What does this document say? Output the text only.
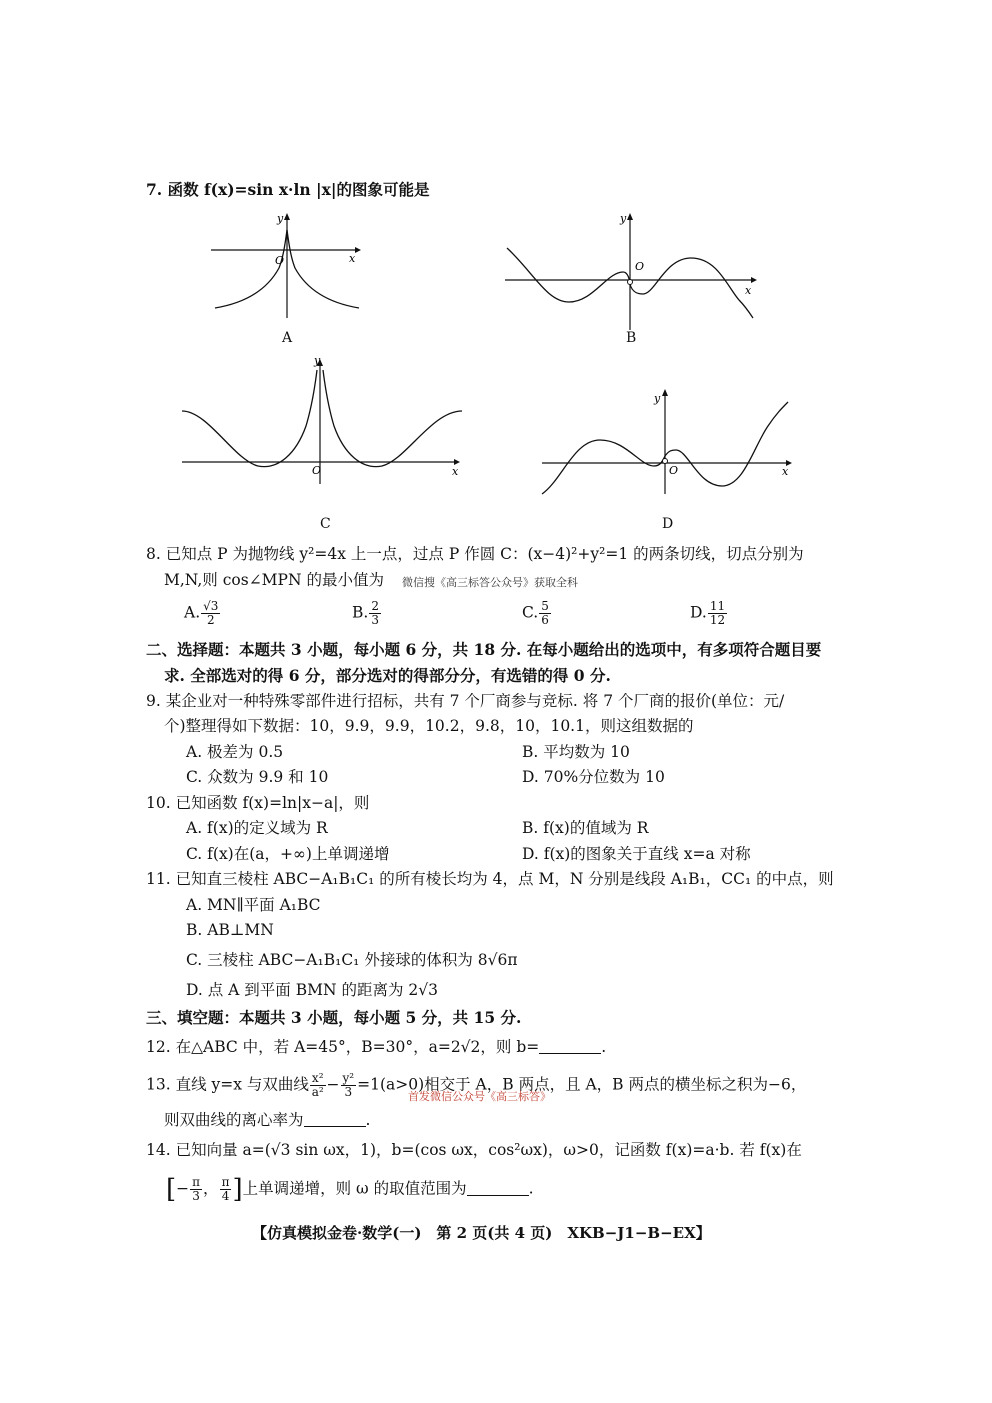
7. 函数 f(x)=sin x·ln |x|的图象可能是
x
y
O
A
x
y
O
B
x
y
O
C
x
y
O
D
8. 已知点 P 为抛物线 y²=4x 上一点，过点 P 作圆 C：(x−4)²+y²=1 的两条切线，切点分别为
M,N,则 cos∠MPN 的最小值为 微信搜《高三标答公众号》获取全科
A. $\frac{√3}{2}$	B. $\frac{2}{3}$	C. $\frac{5}{6}$	D. $\frac{11}{12}$
二、选择题：本题共 3 小题，每小题 6 分，共 18 分. 在每小题给出的选项中，有多项符合题目要
求. 全部选对的得 6 分，部分选对的得部分分，有选错的得 0 分.
9. 某企业对一种特殊零部件进行招标，共有 7 个厂商参与竞标. 将 7 个厂商的报价(单位：元/
个)整理得如下数据：10，9.9，9.9，10.2，9.8，10，10.1，则这组数据的
A. 极差为 0.5	B. 平均数为 10
C. 众数为 9.9 和 10	D. 70%分位数为 10
10. 已知函数 f(x)=ln|x−a|，则
A. f(x)的定义域为 R	B. f(x)的值域为 R
C. f(x)在(a，+∞)上单调递增	D. f(x)的图象关于直线 x=a 对称
11. 已知直三棱柱 ABC−A₁B₁C₁ 的所有棱长均为 4，点 M，N 分别是线段 A₁B₁，CC₁ 的中点，则
A. MN∥平面 A₁BC
B. AB⊥MN
C. 三棱柱 ABC−A₁B₁C₁ 外接球的体积为 8√6π
D. 点 A 到平面 BMN 的距离为 2√3
三、填空题：本题共 3 小题，每小题 5 分，共 15 分.
12. 在△ABC 中，若 A=45°，B=30°，a=2√2，则 b=	.
13. 直线 y=x 与双曲线 $\frac{\text{x²}}{\text{a²}} - \frac{\text{y²}}{3} =1(a>0)$相交于 A，B 两点，且 A，B 两点的横坐标之积为−6，
首发微信公众号《高三标答》
则双曲线的离心率为	.
14. 已知向量 a=(√3 sin ωx，1)，b=(cos ωx，cos²ωx)，ω>0，记函数 f(x)=a·b. 若 f(x)在
[− $\frac{\pi}{3}$ ， $\frac{\pi}{4}$ ]上单调递增，则 ω 的取值范围为	.
【仿真模拟金卷·数学(一)　第 2 页(共 4 页)　XKB−J1−B−EX】
